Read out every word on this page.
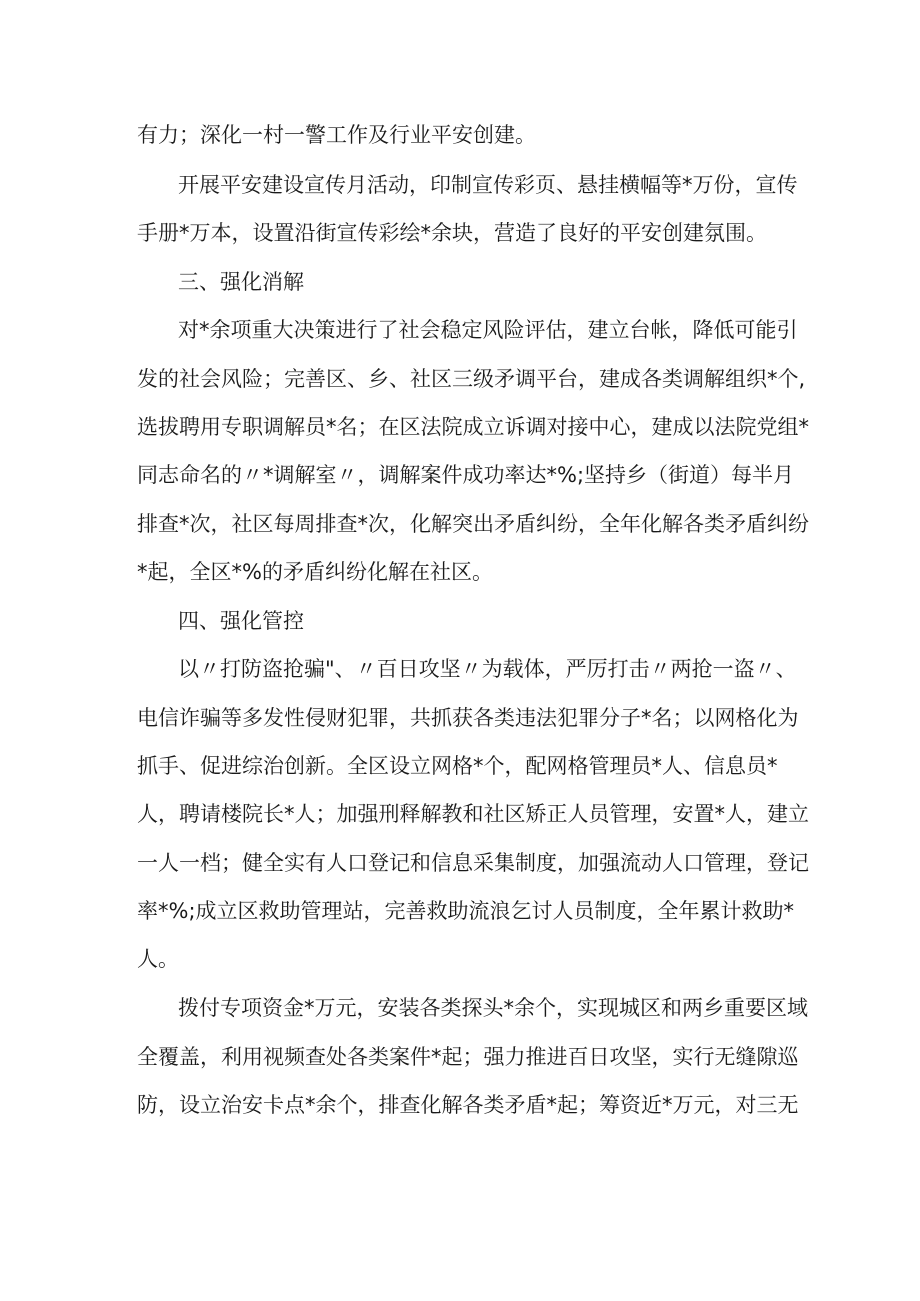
有力；深化一村一警工作及行业平安创建。
开展平安建设宣传月活动，印制宣传彩页、悬挂横幅等*万份，宣传
手册*万本，设置沿街宣传彩绘*余块，营造了良好的平安创建氛围。
三、强化消解
对*余项重大决策进行了社会稳定风险评估，建立台帐，降低可能引
发的社会风险；完善区、乡、社区三级矛调平台，建成各类调解组织*个,
选拔聘用专职调解员*名；在区法院成立诉调对接中心，建成以法院党组*
同志命名的〃*调解室〃，调解案件成功率达*%;坚持乡（街道）每半月
排查*次，社区每周排查*次，化解突出矛盾纠纷，全年化解各类矛盾纠纷
*起，全区*%的矛盾纠纷化解在社区。
四、强化管控
以〃打防盗抢骗"、〃百日攻坚〃为载体，严厉打击〃两抢一盗〃、
电信诈骗等多发性侵财犯罪，共抓获各类违法犯罪分子*名；以网格化为
抓手、促进综治创新。全区设立网格*个，配网格管理员*人、信息员*
人，聘请楼院长*人；加强刑释解教和社区矫正人员管理，安置*人，建立
一人一档；健全实有人口登记和信息采集制度，加强流动人口管理，登记
率*%;成立区救助管理站，完善救助流浪乞讨人员制度，全年累计救助*
人。
拨付专项资金*万元，安装各类探头*余个，实现城区和两乡重要区域
全覆盖，利用视频查处各类案件*起；强力推进百日攻坚，实行无缝隙巡
防，设立治安卡点*余个，排查化解各类矛盾*起；筹资近*万元，对三无
